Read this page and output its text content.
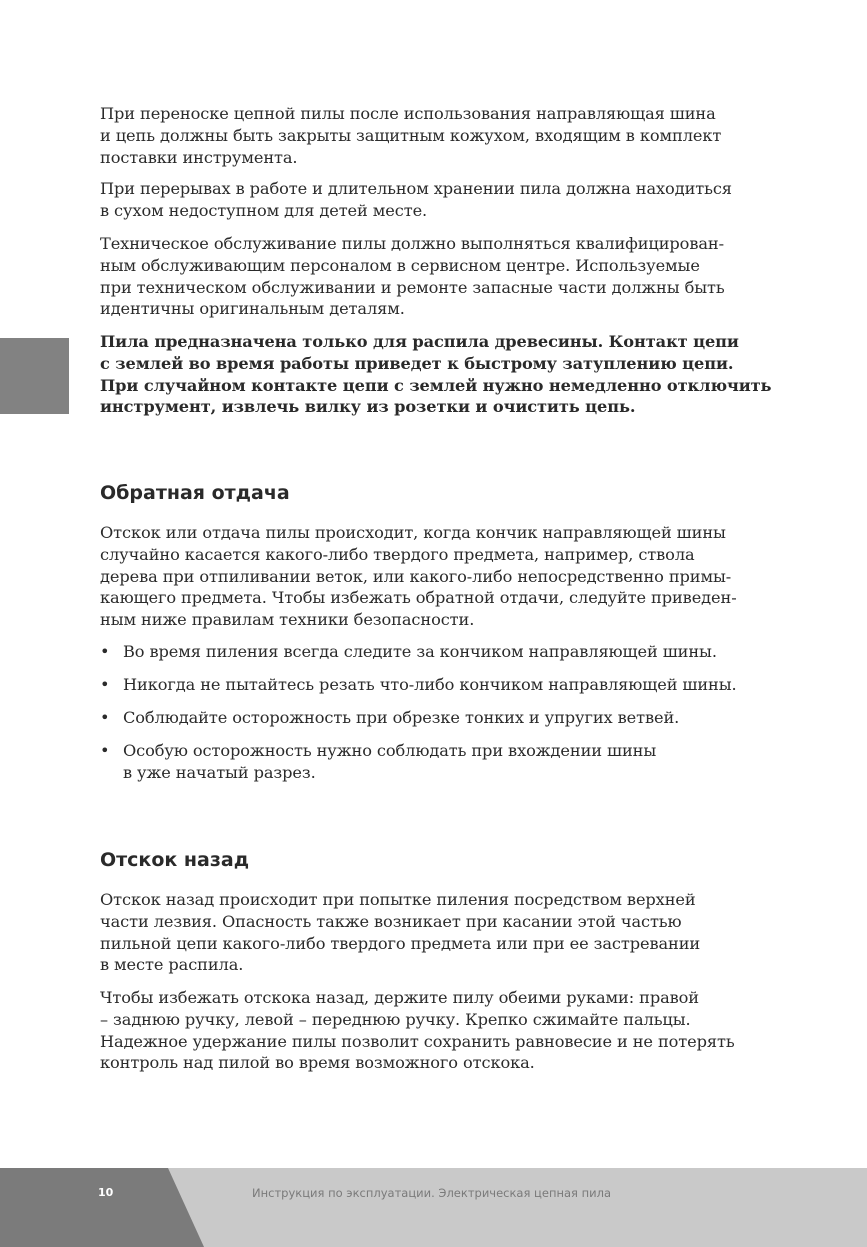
При переноске цепной пилы после использования направляющая шина
и цепь должны быть закрыты защитным кожухом, входящим в комплект
поставки инструмента.
При перерывах в работе и длительном хранении пила должна находиться
в сухом недоступном для детей месте.
Техническое обслуживание пилы должно выполняться квалифицирован-
ным обслуживающим персоналом в сервисном центре. Используемые
при техническом обслуживании и ремонте запасные части должны быть
идентичны оригинальным деталям.
Пила предназначена только для распила древесины. Контакт цепи
с землей во время работы приведет к быстрому затуплению цепи.
При случайном контакте цепи с землей нужно немедленно отключить
инструмент, извлечь вилку из розетки и очистить цепь.
Обратная отдача
Отскок или отдача пилы происходит, когда кончик направляющей шины
случайно касается какого-либо твердого предмета, например, ствола
дерева при отпиливании веток, или какого-либо непосредственно примы-
кающего предмета. Чтобы избежать обратной отдачи, следуйте приведен-
ным ниже правилам техники безопасности.
• Во время пиления всегда следите за кончиком направляющей шины.
• Никогда не пытайтесь резать что-либо кончиком направляющей шины.
• Соблюдайте осторожность при обрезке тонких и упругих ветвей.
• Особую осторожность нужно соблюдать при вхождении шины
в уже начатый разрез.
Отскок назад
Отскок назад происходит при попытке пиления посредством верхней
части лезвия. Опасность также возникает при касании этой частью
пильной цепи какого-либо твердого предмета или при ее застревании
в месте распила.
Чтобы избежать отскока назад, держите пилу обеими руками: правой
– заднюю ручку, левой – переднюю ручку. Крепко сжимайте пальцы.
Надежное удержание пилы позволит сохранить равновесие и не потерять
контроль над пилой во время возможного отскока.
10	Инструкция по эксплуатации. Электрическая цепная пила
